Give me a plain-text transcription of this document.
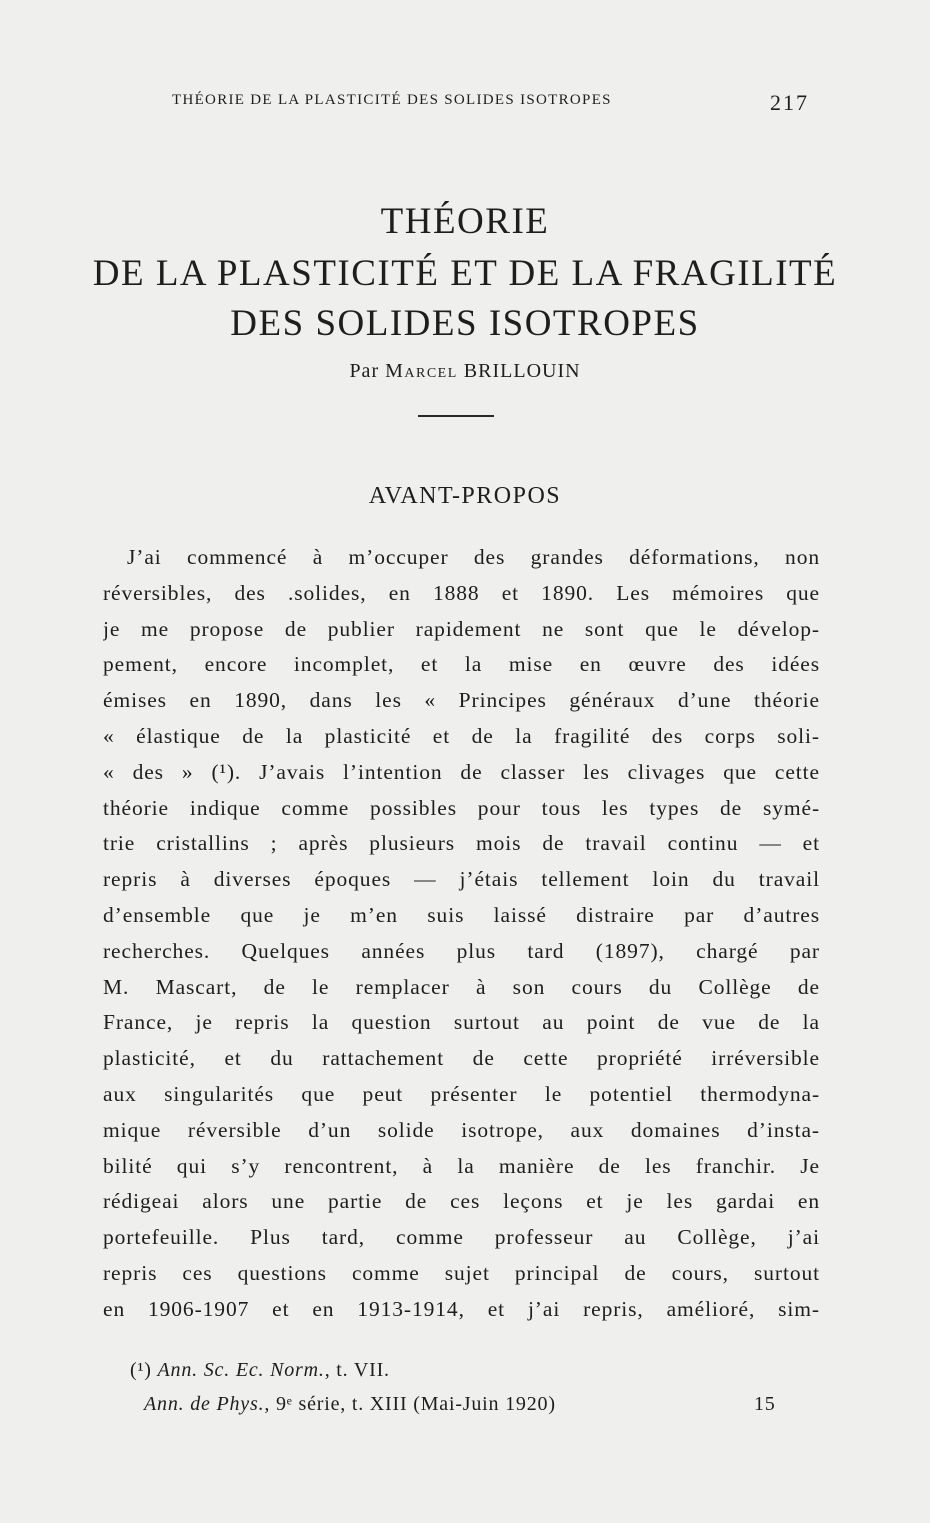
THÉORIE DE LA PLASTICITÉ DES SOLIDES ISOTROPES	217
THÉORIE
DE LA PLASTICITÉ ET DE LA FRAGILITÉ
DES SOLIDES ISOTROPES
Par Marcel BRILLOUIN
AVANT-PROPOS
J’ai commencé à m’occuper des grandes déformations, non
réversibles, des .solides, en 1888 et 1890. Les mémoires que
je me propose de publier rapidement ne sont que le dévelop-
pement, encore incomplet, et la mise en œuvre des idées
émises en 1890, dans les « Principes généraux d’une théorie
« élastique de la plasticité et de la fragilité des corps soli-
« des » (¹). J’avais l’intention de classer les clivages que cette
théorie indique comme possibles pour tous les types de symé-
trie cristallins ; après plusieurs mois de travail continu — et
repris à diverses époques — j’étais tellement loin du travail
d’ensemble que je m’en suis laissé distraire par d’autres
recherches. Quelques années plus tard (1897), chargé par
M. Mascart, de le remplacer à son cours du Collège de
France, je repris la question surtout au point de vue de la
plasticité, et du rattachement de cette propriété irréversible
aux singularités que peut présenter le potentiel thermodyna-
mique réversible d’un solide isotrope, aux domaines d’insta-
bilité qui s’y rencontrent, à la manière de les franchir. Je
rédigeai alors une partie de ces leçons et je les gardai en
portefeuille. Plus tard, comme professeur au Collège, j’ai
repris ces questions comme sujet principal de cours, surtout
en 1906-1907 et en 1913-1914, et j’ai repris, amélioré, sim-
(¹) Ann. Sc. Ec. Norm., t. VII.
Ann. de Phys., 9ᵉ série, t. XIII (Mai-Juin 1920)	15
